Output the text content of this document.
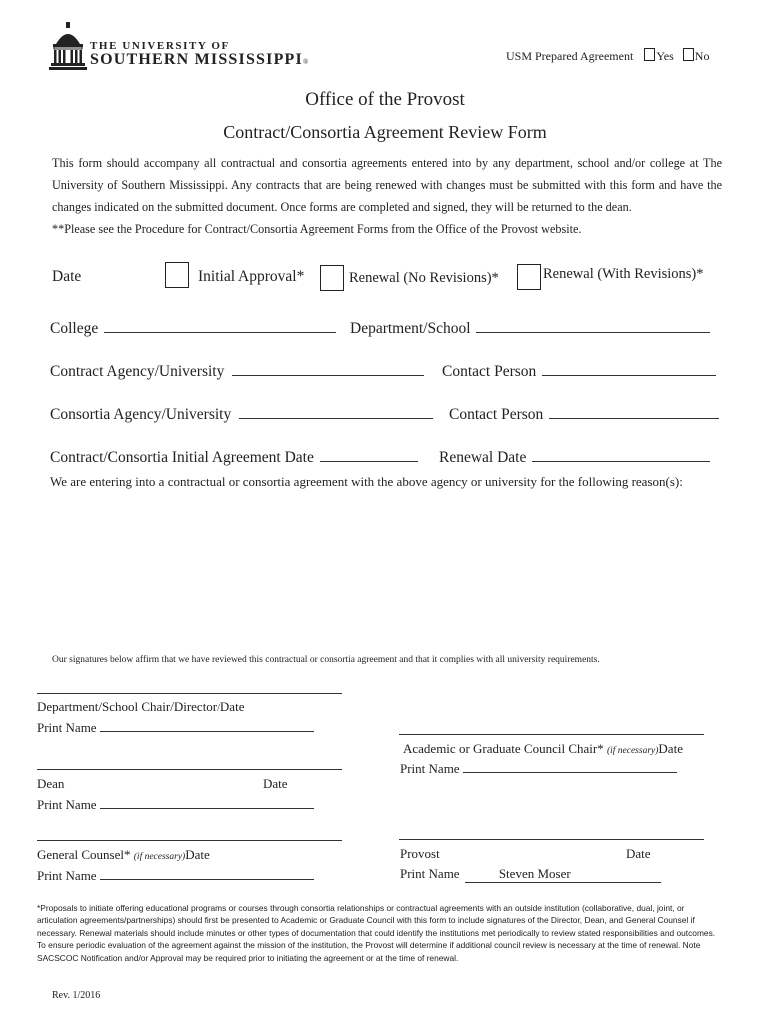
THE UNIVERSITY OF
SOUTHERN MISSISSIPPI®	USM Prepared Agreement Yes No
Office of the Provost
Contract/Consortia Agreement Review Form

This form should accompany all contractual and consortia agreements entered into by any department, school and/or college at The University of Southern Mississippi. Any contracts that are being renewed with changes must be submitted with this form and have the changes indicated on the submitted document. Once forms are completed and signed, they will be returned to the dean.

**Please see the Procedure for Contract/Consortia Agreement Forms from the Office of the Provost website.

Date	Initial Approval*	Renewal (No Revisions)*	Renewal (With Revisions)*
College	Department/School
Contract Agency/University	Contact Person
Consortia Agency/University	Contact Person
Contract/Consortia Initial Agreement Date	Renewal Date
We are entering into a contractual or consortia agreement with the above agency or university for the following reason(s):
Our signatures below affirm that we have reviewed this contractual or consortia agreement and that it complies with all university requirements.
Department/School Chair/Director/Date
Print Name
Dean	Date
Print Name
General Counsel* (if necessary)Date
Print Name
Academic or Graduate Council Chair* (if necessary)Date
Print Name
Provost	Date
Print Name	Steven Moser
*Proposals to initiate offering educational programs or courses through consortia relationships or contractual agreements with an outside institution (collaborative, dual, joint, or articulation agreements/partnerships) should first be presented to Academic or Graduate Council with this form to include signatures of the Director, Dean, and General Counsel if necessary. Renewal materials should include minutes or other types of documentation that could identify the institutions met periodically to review stated responsibilities and outcomes. To ensure periodic evaluation of the agreement against the mission of the institution, the Provost will determine if additional council review is necessary at the time of renewal. Note SACSCOC Notification and/or Approval may be required prior to initiating the agreement or at the time of renewal.
Rev. 1/2016
